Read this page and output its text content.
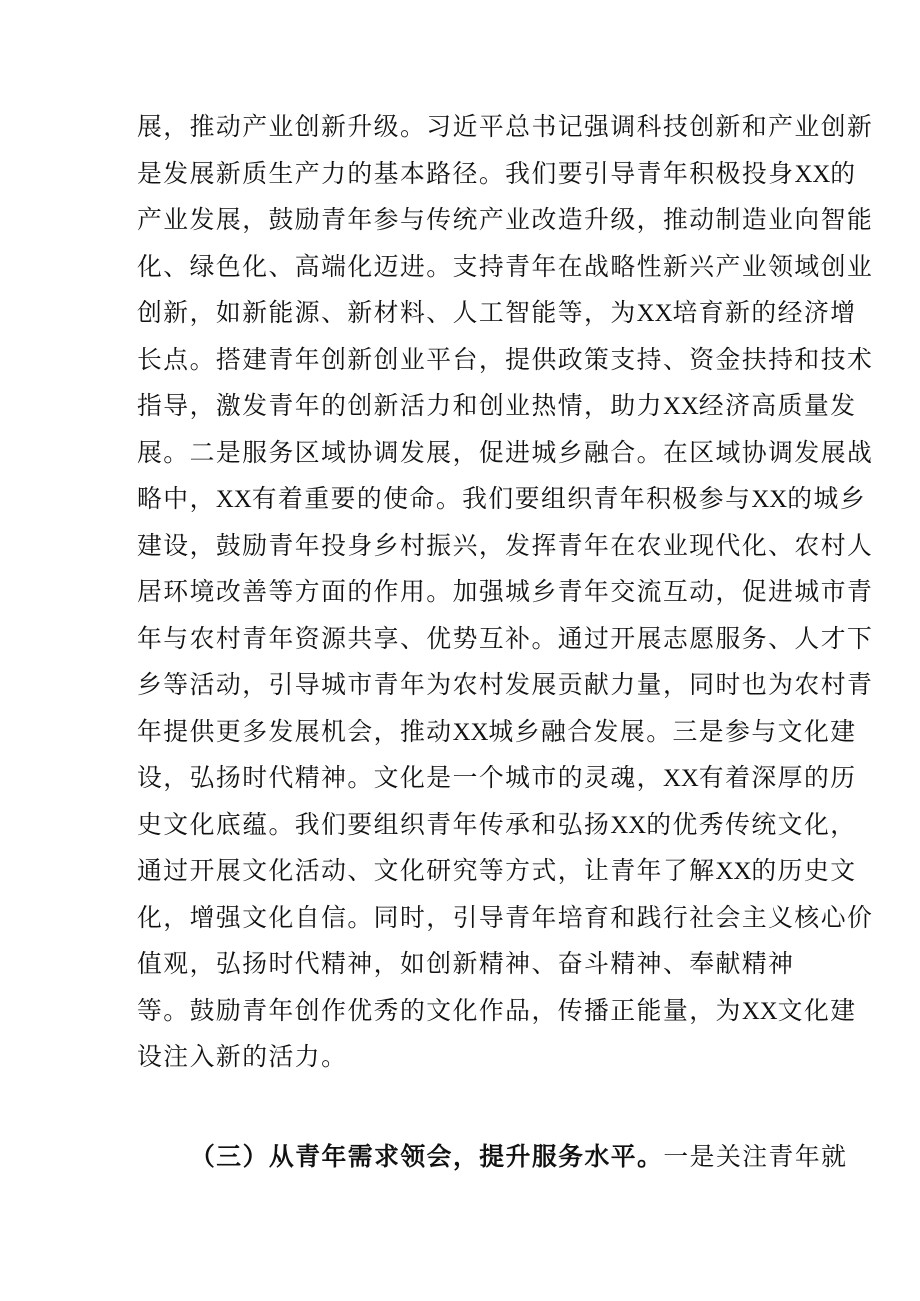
展，推动产业创新升级。习近平总书记强调科技创新和产业创新
是发展新质生产力的基本路径。我们要引导青年积极投身XX的
产业发展，鼓励青年参与传统产业改造升级，推动制造业向智能
化、绿色化、高端化迈进。支持青年在战略性新兴产业领域创业
创新，如新能源、新材料、人工智能等，为XX培育新的经济增
长点。搭建青年创新创业平台，提供政策支持、资金扶持和技术
指导，激发青年的创新活力和创业热情，助力XX经济高质量发
展。二是服务区域协调发展，促进城乡融合。在区域协调发展战
略中，XX有着重要的使命。我们要组织青年积极参与XX的城乡
建设，鼓励青年投身乡村振兴，发挥青年在农业现代化、农村人
居环境改善等方面的作用。加强城乡青年交流互动，促进城市青
年与农村青年资源共享、优势互补。通过开展志愿服务、人才下
乡等活动，引导城市青年为农村发展贡献力量，同时也为农村青
年提供更多发展机会，推动XX城乡融合发展。三是参与文化建
设，弘扬时代精神。文化是一个城市的灵魂，XX有着深厚的历
史文化底蕴。我们要组织青年传承和弘扬XX的优秀传统文化，
通过开展文化活动、文化研究等方式，让青年了解XX的历史文
化，增强文化自信。同时，引导青年培育和践行社会主义核心价
值观，弘扬时代精神，如创新精神、奋斗精神、奉献精神
等。鼓励青年创作优秀的文化作品，传播正能量，为XX文化建
设注入新的活力。
（三）从青年需求领会，提升服务水平。一是关注青年就
